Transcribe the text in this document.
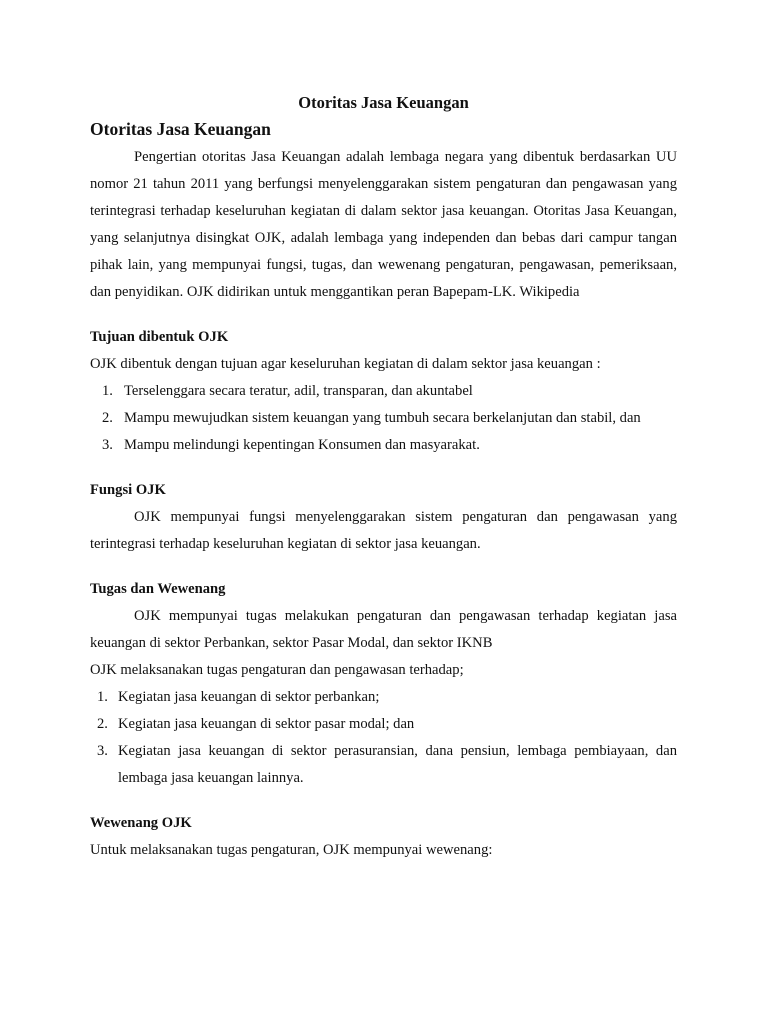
Otoritas Jasa Keuangan
Otoritas Jasa Keuangan

Pengertian otoritas Jasa Keuangan adalah lembaga negara yang dibentuk berdasarkan UU nomor 21 tahun 2011 yang berfungsi menyelenggarakan sistem pengaturan dan pengawasan yang terintegrasi terhadap keseluruhan kegiatan di dalam sektor jasa keuangan. Otoritas Jasa Keuangan, yang selanjutnya disingkat OJK, adalah lembaga yang independen dan bebas dari campur tangan pihak lain, yang mempunyai fungsi, tugas, dan wewenang pengaturan, pengawasan, pemeriksaan, dan penyidikan. OJK didirikan untuk menggantikan peran Bapepam-LK. Wikipedia

Tujuan dibentuk OJK

OJK dibentuk dengan tujuan agar keseluruhan kegiatan di dalam sektor jasa keuangan :

1. Terselenggara secara teratur, adil, transparan, dan akuntabel
2. Mampu mewujudkan sistem keuangan yang tumbuh secara berkelanjutan dan stabil, dan
3. Mampu melindungi kepentingan Konsumen dan masyarakat.
Fungsi OJK

OJK mempunyai fungsi menyelenggarakan sistem pengaturan dan pengawasan yang terintegrasi terhadap keseluruhan kegiatan di sektor jasa keuangan.

Tugas dan Wewenang

OJK mempunyai tugas melakukan pengaturan dan pengawasan terhadap kegiatan jasa keuangan di sektor Perbankan, sektor Pasar Modal, dan sektor IKNB

OJK melaksanakan tugas pengaturan dan pengawasan terhadap;

1. Kegiatan jasa keuangan di sektor perbankan;
2. Kegiatan jasa keuangan di sektor pasar modal; dan
3. Kegiatan jasa keuangan di sektor perasuransian, dana pensiun, lembaga pembiayaan, dan lembaga jasa keuangan lainnya.
Wewenang OJK

Untuk melaksanakan tugas pengaturan, OJK mempunyai wewenang:
